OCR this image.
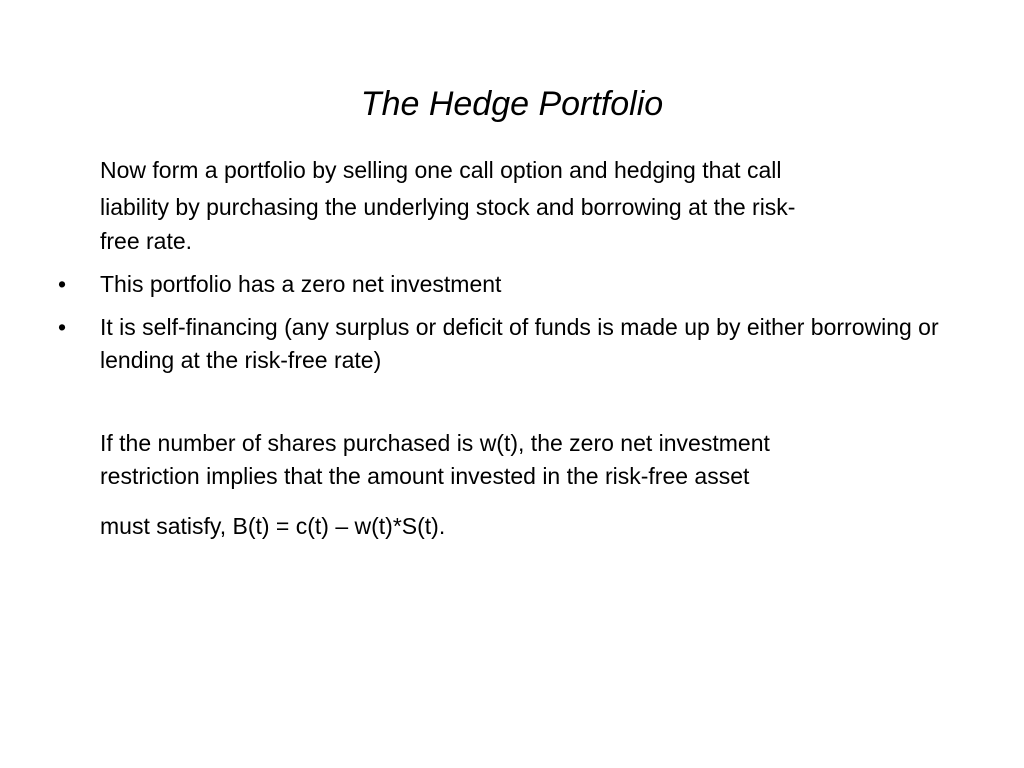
The Hedge Portfolio
Now form a portfolio by selling one call option and hedging that call
liability by purchasing the underlying stock and borrowing at the risk-
free rate.
•	This portfolio has a zero net investment
•	It is self-financing (any surplus or deficit of funds is made up by either borrowing or lending at the risk-free rate)
If the number of shares purchased is w(t), the zero net investment
restriction implies that the amount invested in the risk-free asset
must satisfy, B(t) = c(t) – w(t)*S(t).
